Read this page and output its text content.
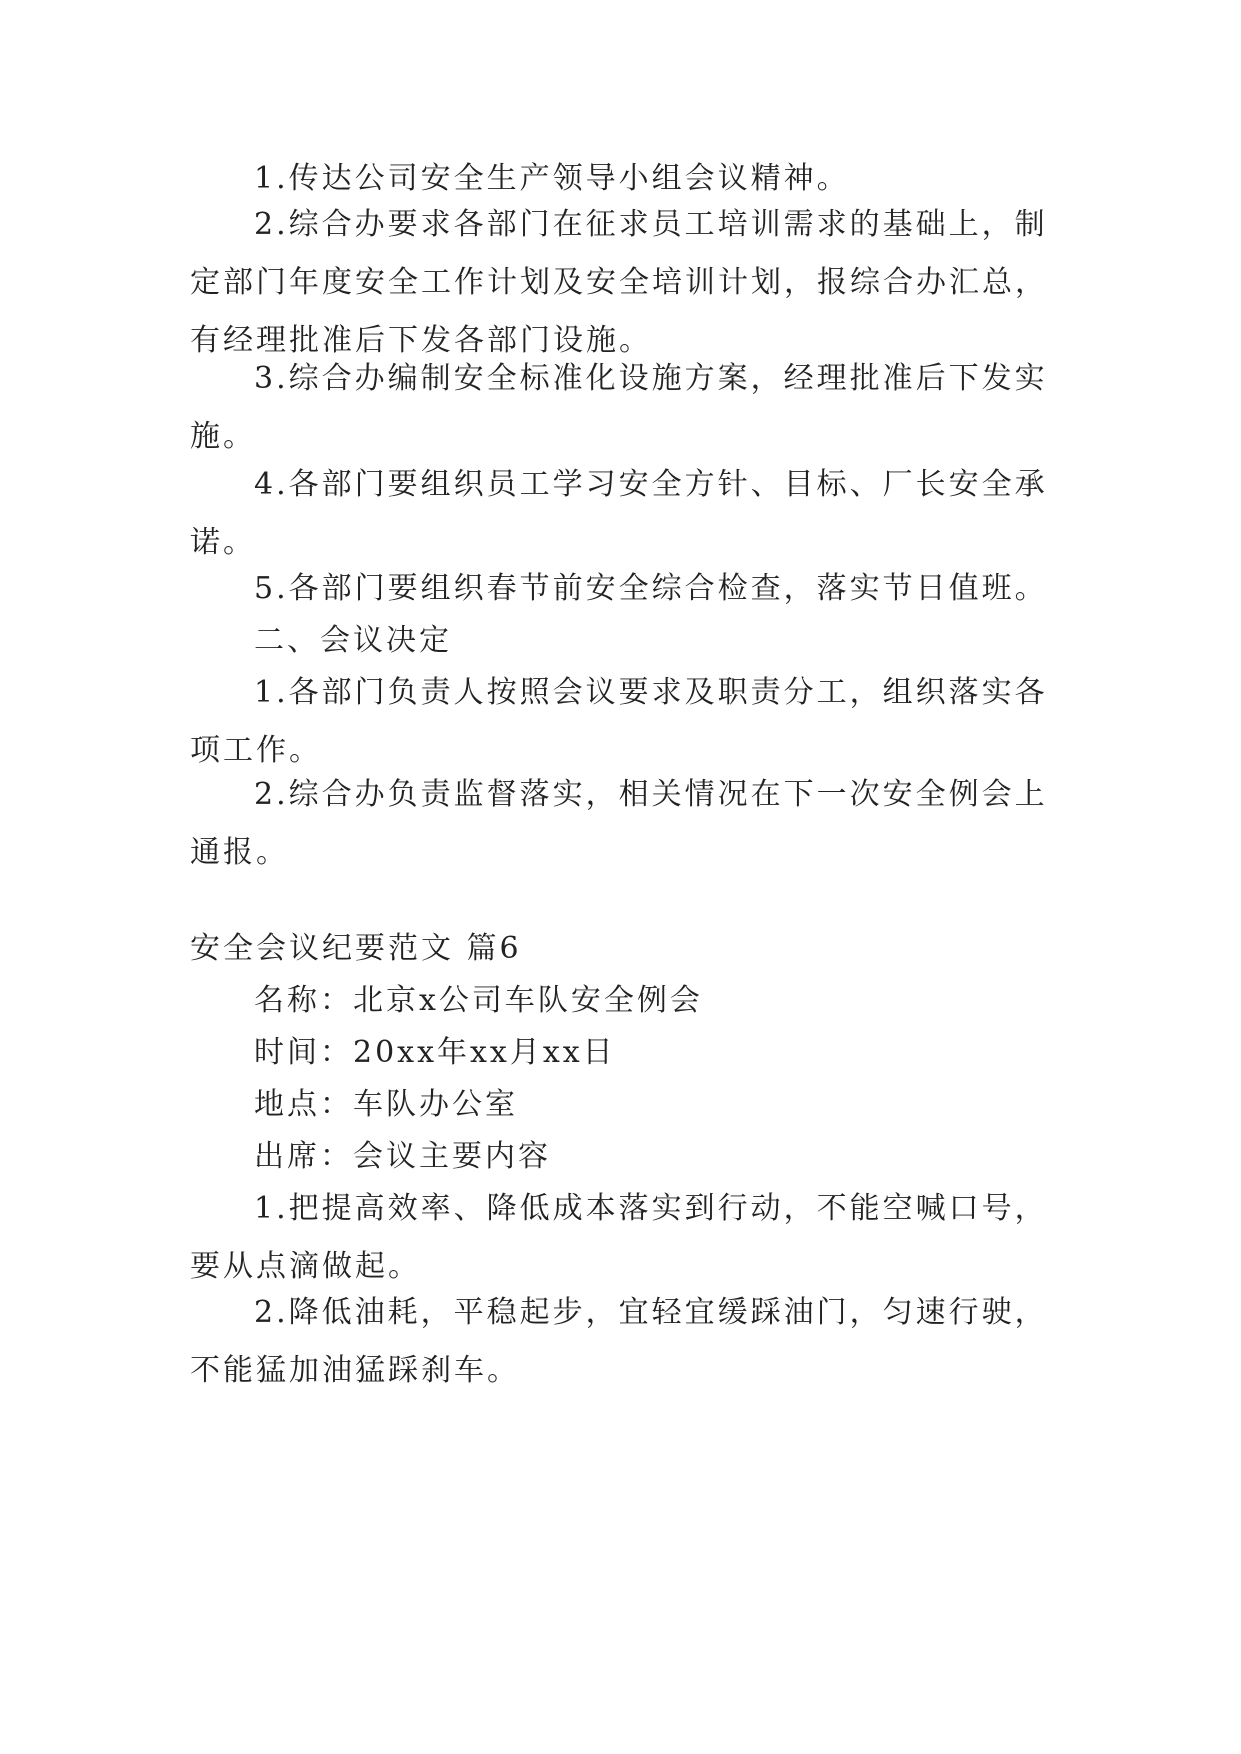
1.传达公司安全生产领导小组会议精神。

2.综合办要求各部门在征求员工培训需求的基础上，制定部门年度安全工作计划及安全培训计划，报综合办汇总，有经理批准后下发各部门设施。

3.综合办编制安全标准化设施方案，经理批准后下发实施。

4.各部门要组织员工学习安全方针、目标、厂长安全承诺。

5.各部门要组织春节前安全综合检查，落实节日值班。

二、会议决定

1.各部门负责人按照会议要求及职责分工，组织落实各项工作。

2.综合办负责监督落实，相关情况在下一次安全例会上通报。

安全会议纪要范文 篇6

名称：北京x公司车队安全例会

时间：20xx年xx月xx日

地点：车队办公室

出席：会议主要内容

1.把提高效率、降低成本落实到行动，不能空喊口号，要从点滴做起。

2.降低油耗，平稳起步，宜轻宜缓踩油门，匀速行驶，不能猛加油猛踩刹车。
